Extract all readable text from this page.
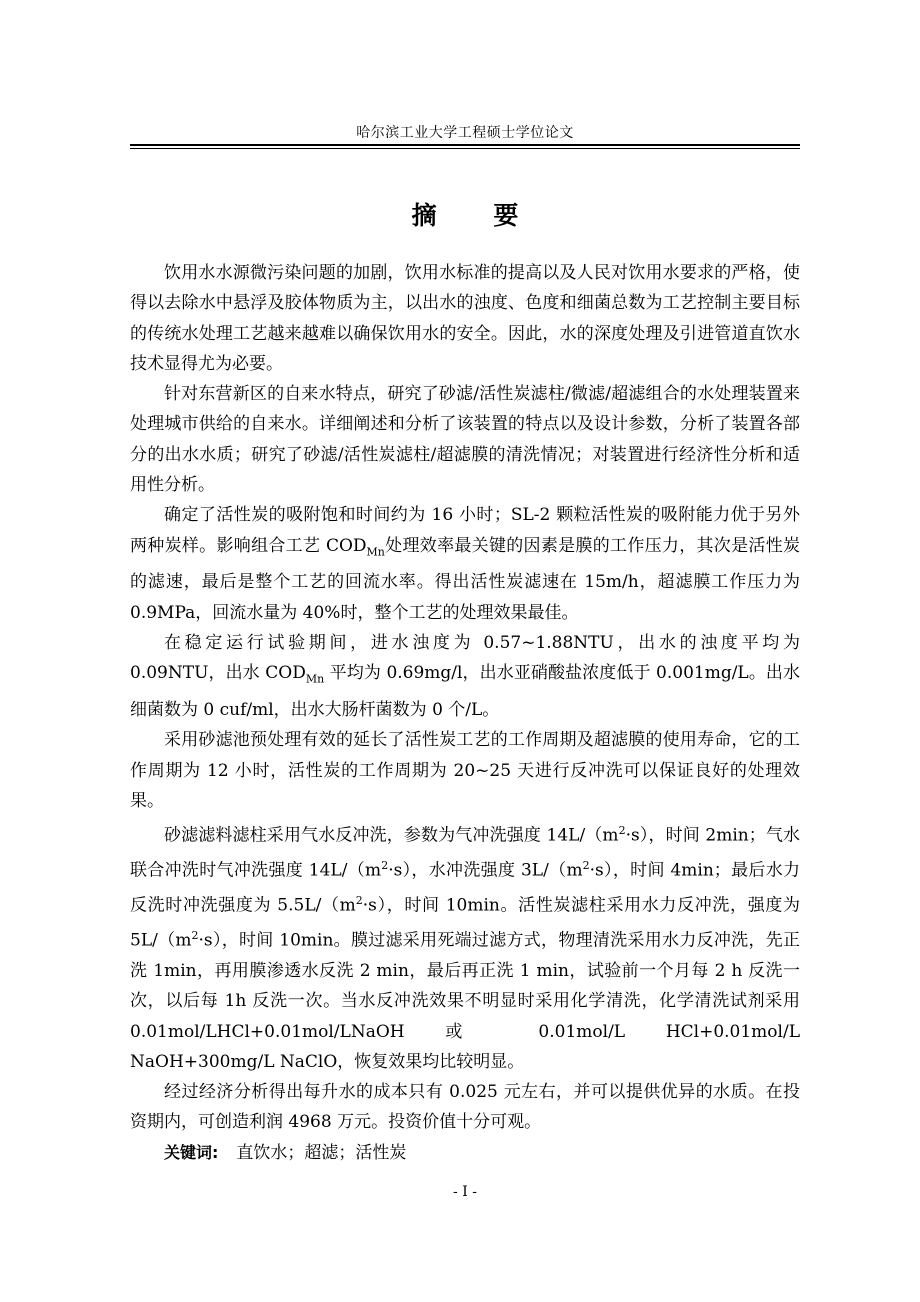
哈尔滨工业大学工程硕士学位论文
摘 要

饮用水水源微污染问题的加剧，饮用水标准的提高以及人民对饮用水要求的严格，使得以去除水中悬浮及胶体物质为主，以出水的浊度、色度和细菌总数为工艺控制主要目标的传统水处理工艺越来越难以确保饮用水的安全。因此，水的深度处理及引进管道直饮水技术显得尤为必要。

针对东营新区的自来水特点，研究了砂滤/活性炭滤柱/微滤/超滤组合的水处理装置来处理城市供给的自来水。详细阐述和分析了该装置的特点以及设计参数，分析了装置各部分的出水水质；研究了砂滤/活性炭滤柱/超滤膜的清洗情况；对装置进行经济性分析和适用性分析。

确定了活性炭的吸附饱和时间约为 16 小时；SL-2 颗粒活性炭的吸附能力优于另外两种炭样。影响组合工艺 $COD_{Mn}$处理效率最关键的因素是膜的工作压力，其次是活性炭的滤速，最后是整个工艺的回流水率。得出活性炭滤速在 15m/h，超滤膜工作压力为 0.9MPa，回流水量为 40%时，整个工艺的处理效果最佳。

在稳定运行试验期间，进水浊度为 0.57~1.88NTU，出水的浊度平均为 0.09NTU，出水 $COD_{Mn}$ 平均为 0.69mg/l，出水亚硝酸盐浓度低于 0.001mg/L。出水细菌数为 0 cuf/ml，出水大肠杆菌数为 0 个/L。

采用砂滤池预处理有效的延长了活性炭工艺的工作周期及超滤膜的使用寿命，它的工作周期为 12 小时，活性炭的工作周期为 20~25 天进行反冲洗可以保证良好的处理效果。

砂滤滤料滤柱采用气水反冲洗，参数为气冲洗强度 $14L/(m^2\cdot s)$，时间 2min；气水联合冲洗时气冲洗强度 $14L/(m^2\cdot s)$，水冲洗强度 $3L/(m^2\cdot s)$，时间 4min；最后水力反洗时冲洗强度为 $5.5L/(m^2\cdot s)$，时间 10min。活性炭滤柱采用水力反冲洗，强度为 $5L/(m^2\cdot s)$，时间 10min。膜过滤采用死端过滤方式，物理清洗采用水力反冲洗，先正洗 1min，再用膜渗透水反洗 2 min，最后再正洗 1 min，试验前一个月每 2 h 反洗一次，以后每 1h 反洗一次。当水反冲洗效果不明显时采用化学清洗，化学清洗试剂采用 0.01mol/LHCl+0.01mol/LNaOH 或 0.01mol/L HCl+0.01mol/L NaOH+300mg/L NaClO，恢复效果均比较明显。

经过经济分析得出每升水的成本只有 0.025 元左右，并可以提供优异的水质。在投资期内，可创造利润 4968 万元。投资价值十分可观。

关键词: 直饮水；超滤；活性炭

- I -
